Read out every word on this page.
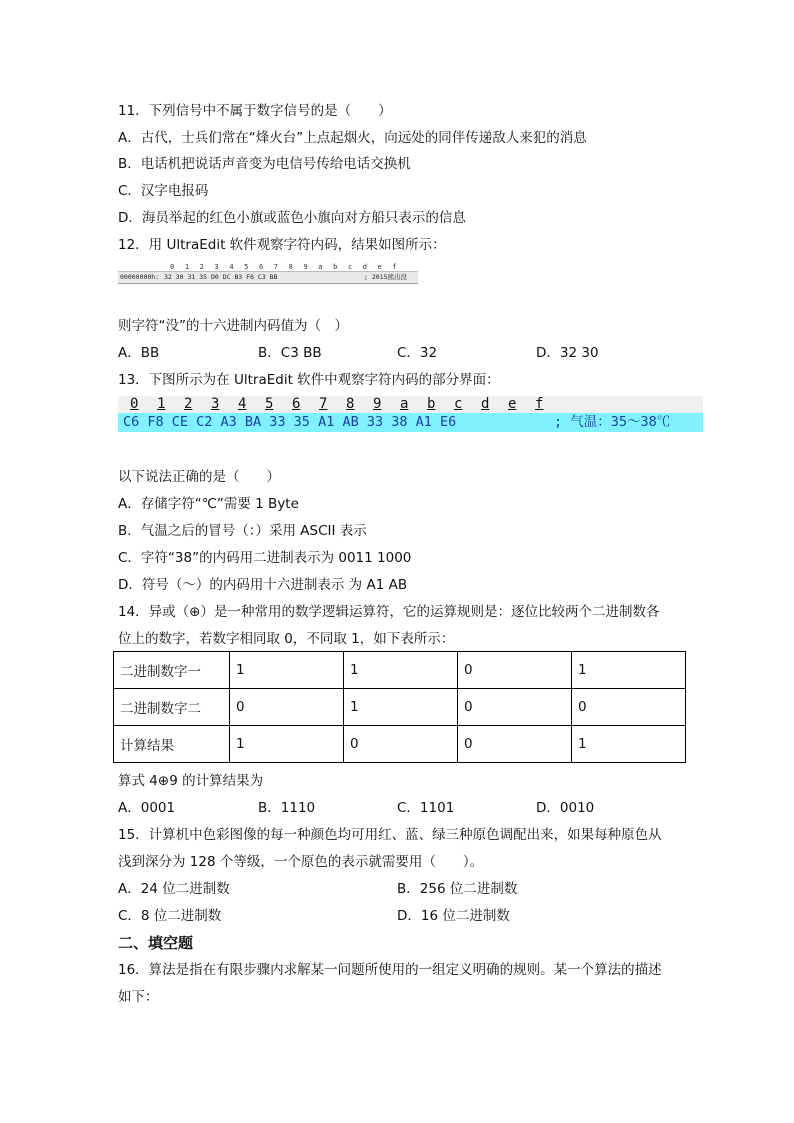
11．下列信号中不属于数字信号的是（　　）
A．古代，士兵们常在“烽火台”上点起烟火，向远处的同伴传递敌人来犯的消息
B．电话机把说话声音变为电信号传给电话交换机
C．汉字电报码
D．海员举起的红色小旗或蓝色小旗向对方船只表示的信息
12．用 UltraEdit 软件观察字符内码，结果如图所示：
0 1 2 3 4 5 6 7 8 9 a b c d e f
00000000h: 32 30 31 35 D0 DC B3 F6 C3 BB	; 2015熊出没
则字符“没”的十六进制内码值为（　）
A．BB	B．C3 BB	C．32	D．32 30
13．下图所示为在 UltraEdit 软件中观察字符内码的部分界面：
0 1 2 3 4 5 6 7 8 9 a b c d e f
C6 F8 CE C2 A3 BA 33 35 A1 AB 33 38 A1 E6	; 气温：35～38℃
以下说法正确的是（　　）
A．存储字符“℃”需要 1 Byte
B．气温之后的冒号（：）采用 ASCII 表示
C．字符“38”的内码用二进制表示为 0011 1000
D．符号（～）的内码用十六进制表示 为 A1 AB
14．异或（⊕）是一种常用的数学逻辑运算符，它的运算规则是：逐位比较两个二进制数各
位上的数字，若数字相同取 0，不同取 1，如下表所示：
二进制数字一	1	1	0	1
二进制数字二	0	1	0	0
计算结果	1	0	0	1
算式 4⊕9 的计算结果为
A．0001	B．1110	C．1101	D．0010
15．计算机中色彩图像的每一种颜色均可用红、蓝、绿三种原色调配出来，如果每种原色从
浅到深分为 128 个等级，一个原色的表示就需要用（　　）。
A．24 位二进制数	B．256 位二进制数
C．8 位二进制数	D．16 位二进制数
二、填空题
16．算法是指在有限步骤内求解某一问题所使用的一组定义明确的规则。某一个算法的描述
如下：
